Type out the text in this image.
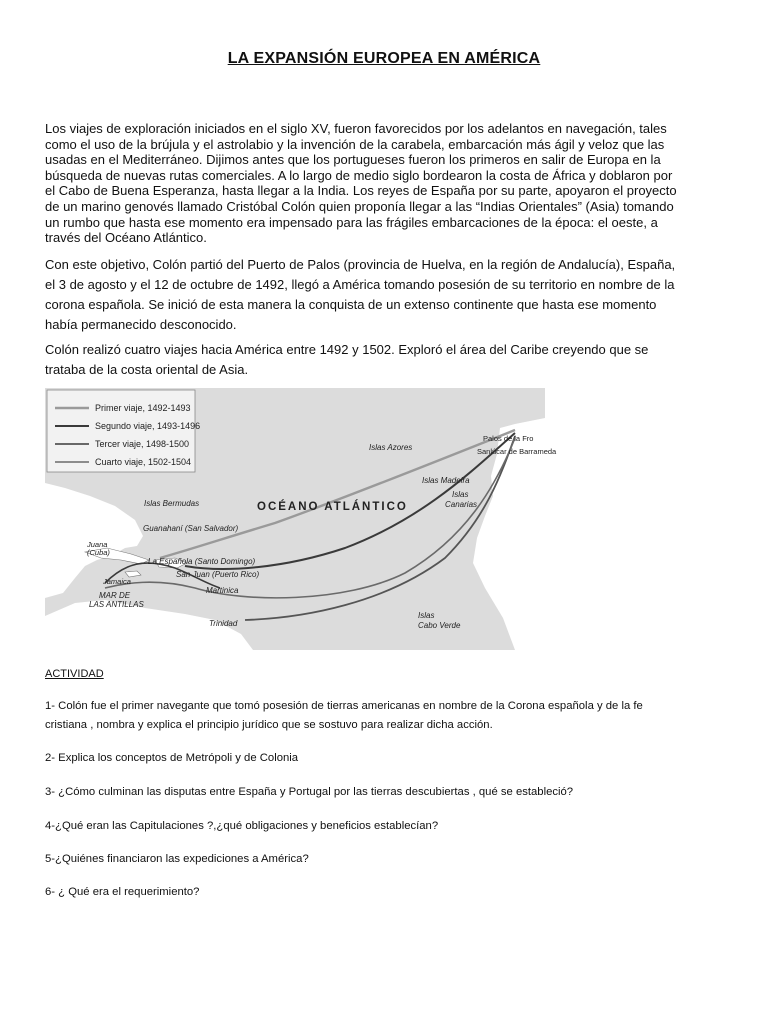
LA EXPANSIÓN EUROPEA EN AMÉRICA

Los viajes de exploración iniciados en el siglo XV, fueron favorecidos por los adelantos en navegación, tales

como el uso de la brújula y el astrolabio y la invención de la carabela, embarcación más ágil y veloz que las

usadas en el Mediterráneo. Dijimos antes que los portugueses fueron los primeros en salir de Europa en la

búsqueda de nuevas rutas comerciales. A lo largo de medio siglo bordearon la costa de África y doblaron por

el Cabo de Buena Esperanza, hasta llegar a la India. Los reyes de España por su parte, apoyaron el proyecto

de un marino genovés llamado Cristóbal Colón quien proponía llegar a las “Indias Orientales” (Asia) tomando

un rumbo que hasta ese momento era impensado para las frágiles embarcaciones de la época: el oeste, a

través del Océano Atlántico.

Con este objetivo, Colón partió del Puerto de Palos (provincia de Huelva, en la región de Andalucía), España,

el 3 de agosto y el 12 de octubre de 1492, llegó a América tomando posesión de su territorio en nombre de la

corona española. Se inició de esta manera la conquista de un extenso continente que hasta ese momento

había permanecido desconocido.

Colón realizó cuatro viajes hacia América entre 1492 y 1502. Exploró el área del Caribe creyendo que se

trataba de la costa oriental de Asia.

Primer viaje, 1492-1493
Segundo viaje, 1493-1496
Tercer viaje, 1498-1500
Cuarto viaje, 1502-1504
OCÉANO ATLÁNTICO
Islas Azores
Palos de la Fro
Sanlúcar de Barrameda
Islas Madeira
Islas
Canarias
Islas Bermudas
Guanahaní (San Salvador)
Juana
(Cuba)
La Española (Santo Domingo)
San Juan (Puerto Rico)
Jamaica
MAR DE
LAS ANTILLAS
Martinica
Trinidad
Islas
Cabo Verde
ACTIVIDAD
1- Colón fue el primer navegante que tomó posesión de tierras americanas en nombre de la Corona española y de la fe
cristiana , nombra y explica el principio jurídico que se sostuvo para realizar dicha acción.
2- Explica los conceptos de Metrópoli y de Colonia
3- ¿Cómo culminan las disputas entre España y Portugal por las tierras descubiertas , qué se estableció?
4-¿Qué eran las Capitulaciones ?,¿qué obligaciones y beneficios establecían?
5-¿Quiénes financiaron las expediciones a América?
6- ¿ Qué era el requerimiento?
